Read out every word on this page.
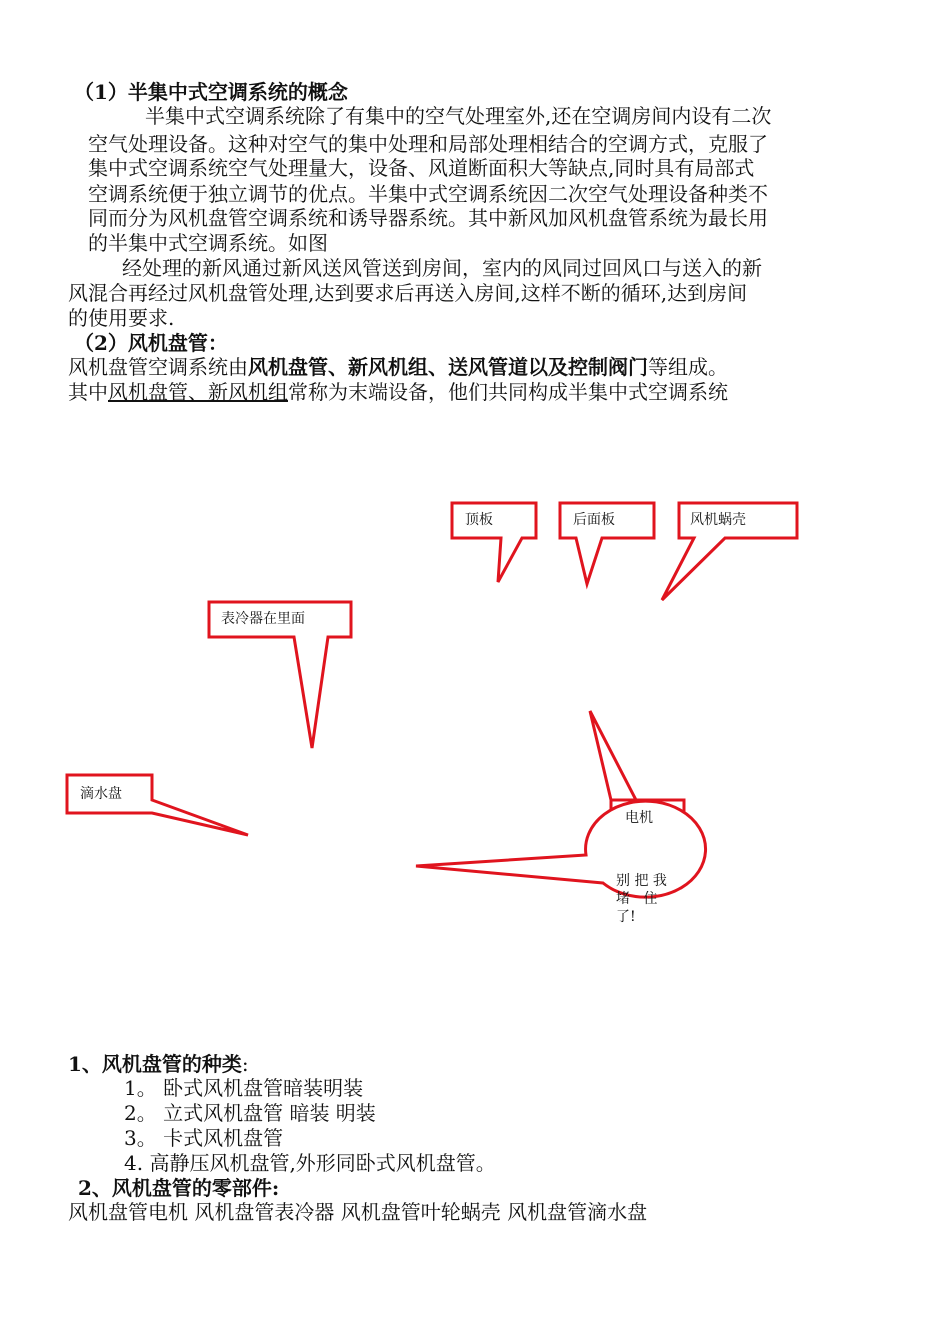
（1）半集中式空调系统的概念
半集中式空调系统除了有集中的空气处理室外,还在空调房间内设有二次
空气处理设备。这种对空气的集中处理和局部处理相结合的空调方式，克服了
集中式空调系统空气处理量大，设备、风道断面积大等缺点,同时具有局部式
空调系统便于独立调节的优点。半集中式空调系统因二次空气处理设备种类不
同而分为风机盘管空调系统和诱导器系统。其中新风加风机盘管系统为最长用
的半集中式空调系统。如图
经处理的新风通过新风送风管送到房间，室内的风同过回风口与送入的新
风混合再经过风机盘管处理,达到要求后再送入房间,这样不断的循环,达到房间
的使用要求.
（2）风机盘管：
风机盘管空调系统由风机盘管、新风机组、送风管道以及控制阀门等组成。
其中风机盘管、新风机组常称为末端设备，他们共同构成半集中式空调系统
顶板	后面板	风机蜗壳
表冷器在里面
滴水盘
电机
别 把 我
堵   住
了!
1、风机盘管的种类:
1。 卧式风机盘管暗装明装
2。 立式风机盘管 暗装 明装
3。 卡式风机盘管
4. 高静压风机盘管,外形同卧式风机盘管。
2、风机盘管的零部件:
风机盘管电机 风机盘管表冷器 风机盘管叶轮蜗壳 风机盘管滴水盘
